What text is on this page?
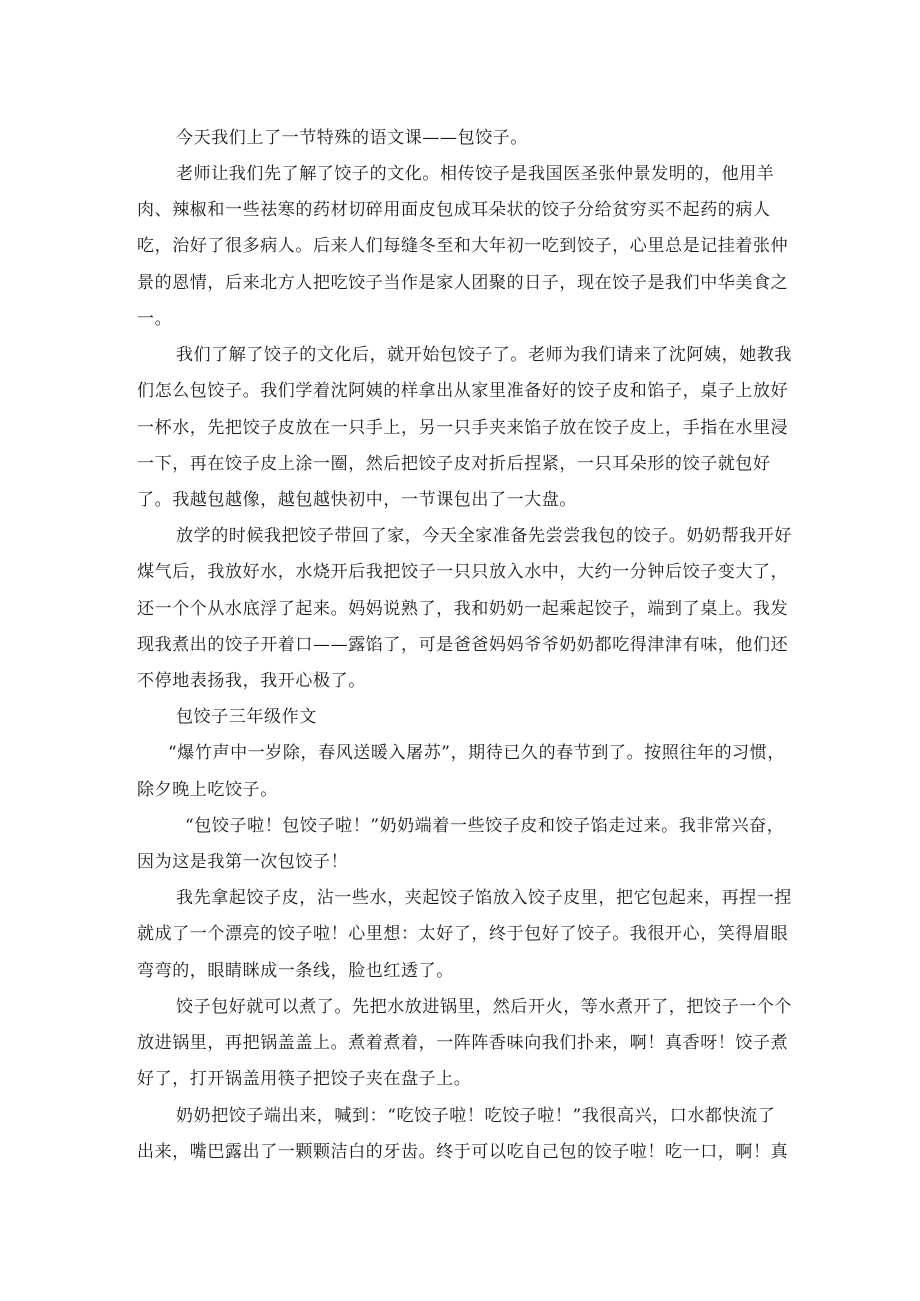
今天我们上了一节特殊的语文课——包饺子。
老师让我们先了解了饺子的文化。相传饺子是我国医圣张仲景发明的，他用羊
肉、辣椒和一些祛寒的药材切碎用面皮包成耳朵状的饺子分给贫穷买不起药的病人
吃，治好了很多病人。后来人们每缝冬至和大年初一吃到饺子，心里总是记挂着张仲
景的恩情，后来北方人把吃饺子当作是家人团聚的日子，现在饺子是我们中华美食之
一。
我们了解了饺子的文化后，就开始包饺子了。老师为我们请来了沈阿姨，她教我
们怎么包饺子。我们学着沈阿姨的样拿出从家里准备好的饺子皮和馅子，桌子上放好
一杯水，先把饺子皮放在一只手上，另一只手夹来馅子放在饺子皮上，手指在水里浸
一下，再在饺子皮上涂一圈，然后把饺子皮对折后捏紧，一只耳朵形的饺子就包好
了。我越包越像，越包越快初中，一节课包出了一大盘。
放学的时候我把饺子带回了家，今天全家准备先尝尝我包的饺子。奶奶帮我开好
煤气后，我放好水，水烧开后我把饺子一只只放入水中，大约一分钟后饺子变大了，
还一个个从水底浮了起来。妈妈说熟了，我和奶奶一起乘起饺子，端到了桌上。我发
现我煮出的饺子开着口——露馅了，可是爸爸妈妈爷爷奶奶都吃得津津有味，他们还
不停地表扬我，我开心极了。
包饺子三年级作文
“爆竹声中一岁除，春风送暖入屠苏”，期待已久的春节到了。按照往年的习惯，
除夕晚上吃饺子。
“包饺子啦！包饺子啦！”奶奶端着一些饺子皮和饺子馅走过来。我非常兴奋，
因为这是我第一次包饺子！
我先拿起饺子皮，沾一些水，夹起饺子馅放入饺子皮里，把它包起来，再捏一捏
就成了一个漂亮的饺子啦！心里想：太好了，终于包好了饺子。我很开心，笑得眉眼
弯弯的，眼睛眯成一条线，脸也红透了。
饺子包好就可以煮了。先把水放进锅里，然后开火，等水煮开了，把饺子一个个
放进锅里，再把锅盖盖上。煮着煮着，一阵阵香味向我们扑来，啊！真香呀！饺子煮
好了，打开锅盖用筷子把饺子夹在盘子上。
奶奶把饺子端出来，喊到：“吃饺子啦！吃饺子啦！”我很高兴，口水都快流了
出来，嘴巴露出了一颗颗洁白的牙齿。终于可以吃自己包的饺子啦！吃一口，啊！真
